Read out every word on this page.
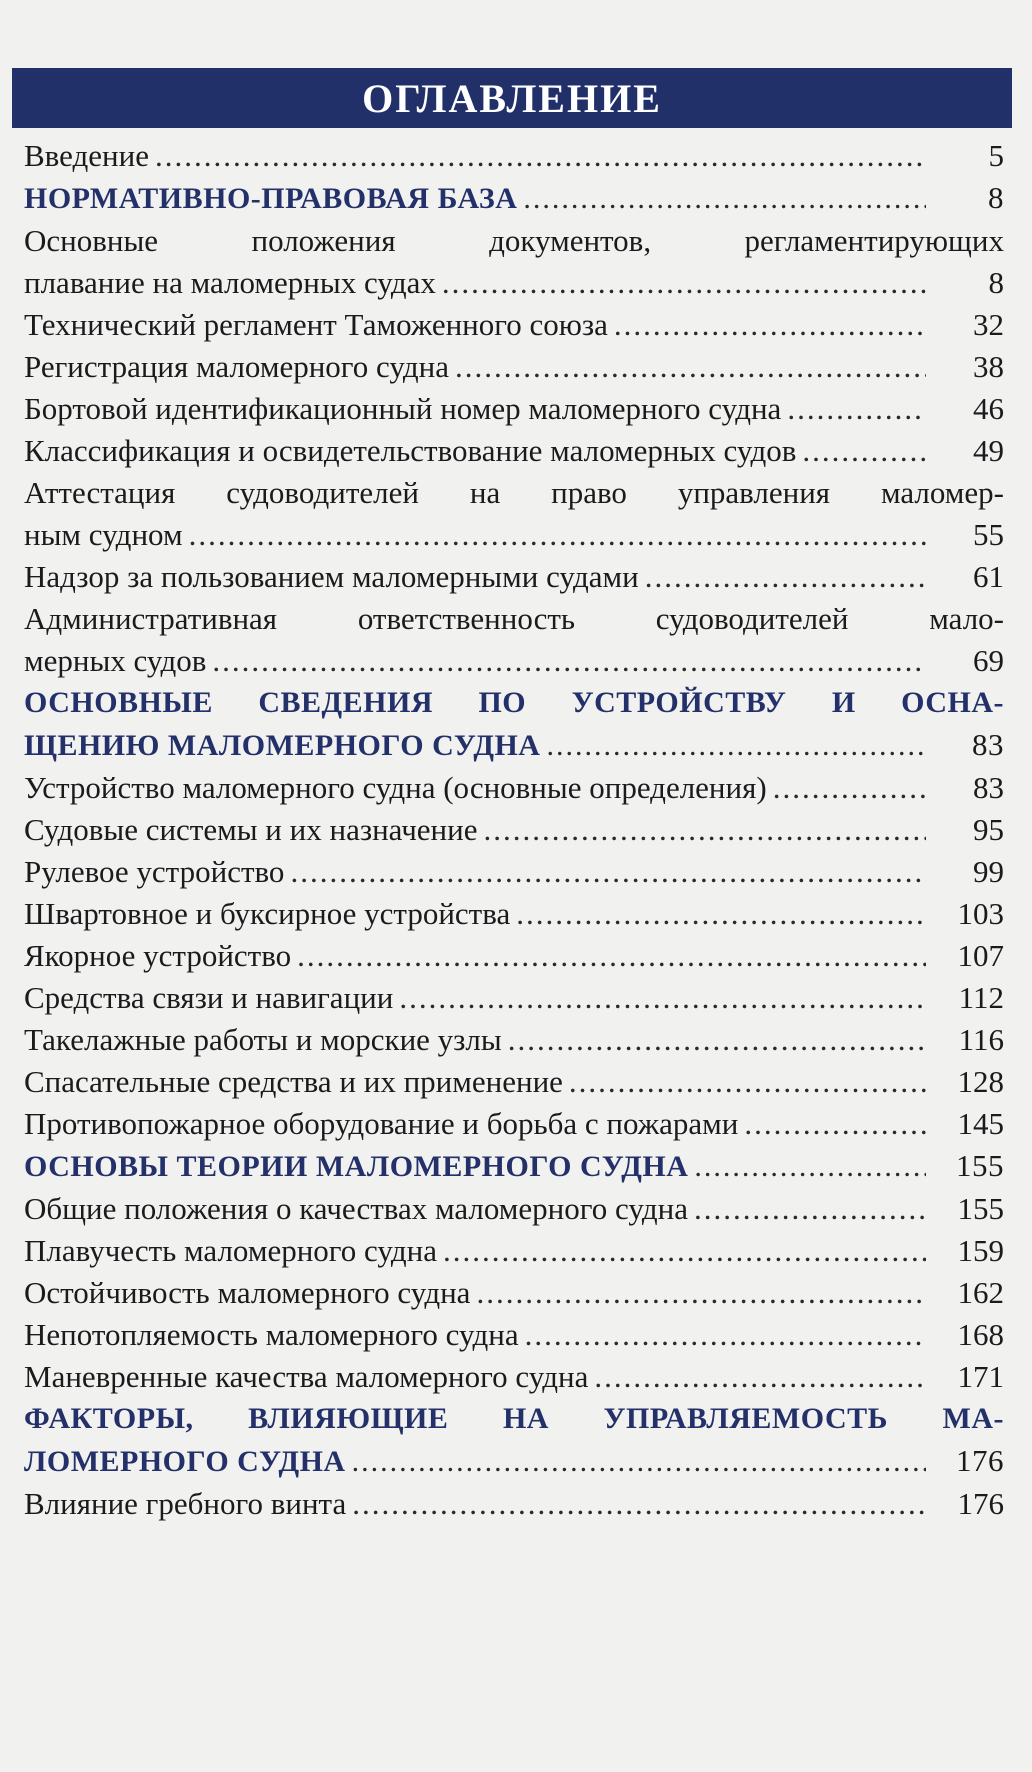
ОГЛАВЛЕНИЕ
Введение .....	5
НОРМАТИВНО-ПРАВОВАЯ БАЗА .....	8
Основные положения документов, регламентирующих
плавание на маломерных судах .....	8
Технический регламент Таможенного союза .....	32
Регистрация маломерного судна .....	38
Бортовой идентификационный номер маломерного судна .....	46
Классификация и освидетельствование маломерных судов .....	49
Аттестация судоводителей на право управления маломер-
ным судном .....	55
Надзор за пользованием маломерными судами .....	61
Административная ответственность судоводителей мало-
мерных судов .....	69
ОСНОВНЫЕ СВЕДЕНИЯ ПО УСТРОЙСТВУ И ОСНА-
ЩЕНИЮ МАЛОМЕРНОГО СУДНА .....	83
Устройство маломерного судна (основные определения) .....	83
Судовые системы и их назначение .....	95
Рулевое устройство .....	99
Швартовное и буксирное устройства .....	103
Якорное устройство .....	107
Средства связи и навигации .....	112
Такелажные работы и морские узлы .....	116
Спасательные средства и их применение .....	128
Противопожарное оборудование и борьба с пожарами .....	145
ОСНОВЫ ТЕОРИИ МАЛОМЕРНОГО СУДНА .....	155
Общие положения о качествах маломерного судна .....	155
Плавучесть маломерного судна .....	159
Остойчивость маломерного судна .....	162
Непотопляемость маломерного судна .....	168
Маневренные качества маломерного судна .....	171
ФАКТОРЫ, ВЛИЯЮЩИЕ НА УПРАВЛЯЕМОСТЬ МА-
ЛОМЕРНОГО СУДНА .....	176
Влияние гребного винта .....	176
